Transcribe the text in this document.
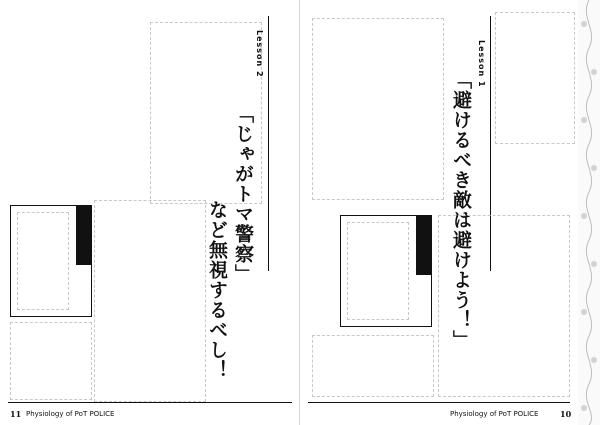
Lesson 2
「じゃがトマ警察」
など無視するべし！
11 Physiology of PoT POLICE
Lesson 1
「避けるべき敵は避けよう！」
Physiology of PoT POLICE	10
